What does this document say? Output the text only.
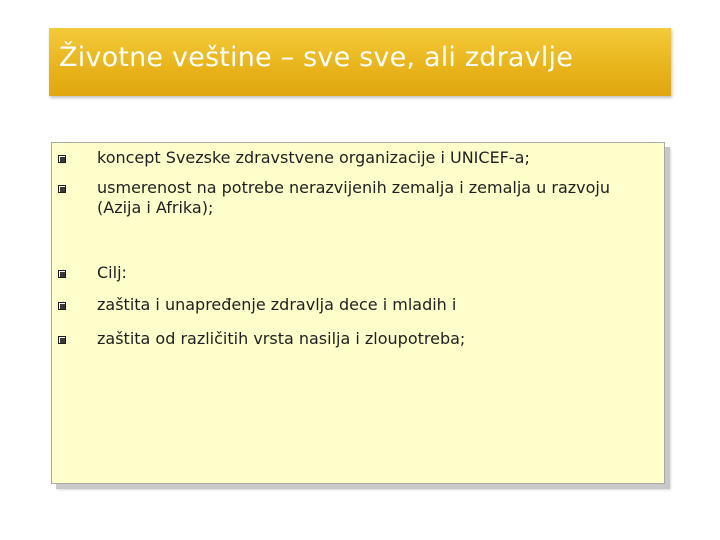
Životne veštine – sve sve, ali zdravlje
koncept Svezske zdravstvene organizacije i UNICEF-a;
usmerenost na potrebe nerazvijenih zemalja i zemalja u razvoju (Azija i Afrika);
Cilj:
zaštita i unapređenje zdravlja dece i mladih i
zaštita od različitih vrsta nasilja i zloupotreba;
